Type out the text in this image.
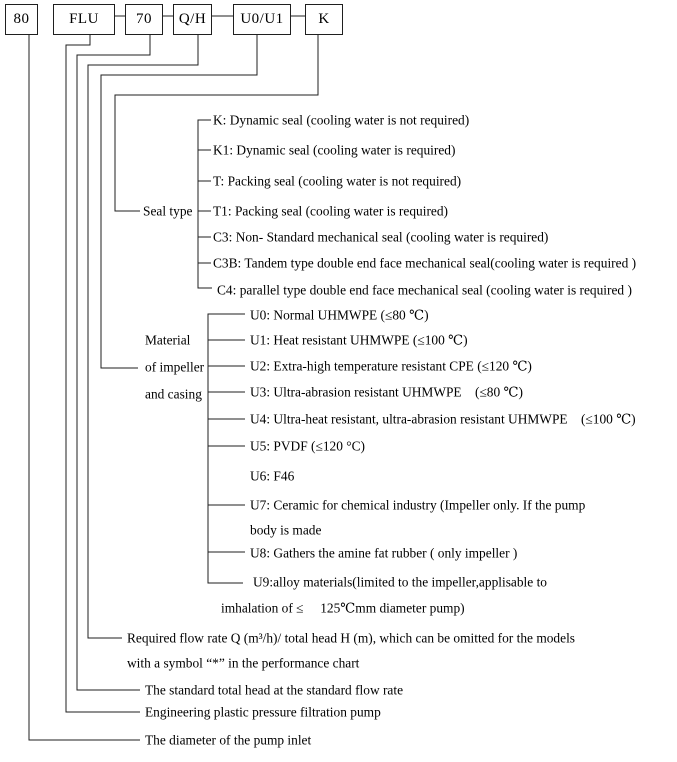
80	FLU 70 Q/H U0/U1 K
Seal type
K: Dynamic seal (cooling water is not required)
K1: Dynamic seal (cooling water is required)
T: Packing seal (cooling water is not required)
T1: Packing seal (cooling water is required)
C3: Non- Standard mechanical seal (cooling water is required)
C3B: Tandem type double end face mechanical seal(cooling water is required )
C4: parallel type double end face mechanical seal (cooling water is required )
Material
of impeller
and casing
U0: Normal UHMWPE (≤80 ℃)
U1: Heat resistant UHMWPE (≤100 ℃)
U2: Extra-high temperature resistant CPE (≤120 ℃)
U3: Ultra-abrasion resistant UHMWPE　(≤80 ℃)
U4: Ultra-heat resistant, ultra-abrasion resistant UHMWPE　(≤100 ℃)
U5: PVDF (≤120 °C)
U6: F46
U7: Ceramic for chemical industry (Impeller only. If the pump
body is made
U8: Gathers the amine fat rubber ( only impeller )
U9:alloy materials(limited to the impeller,applisable to
imhalation of ≤　 125℃mm diameter pump)
Required flow rate Q (m³/h)/ total head H (m), which can be omitted for the models
with a symbol “*” in the performance chart
The standard total head at the standard flow rate
Engineering plastic pressure filtration pump
The diameter of the pump inlet
